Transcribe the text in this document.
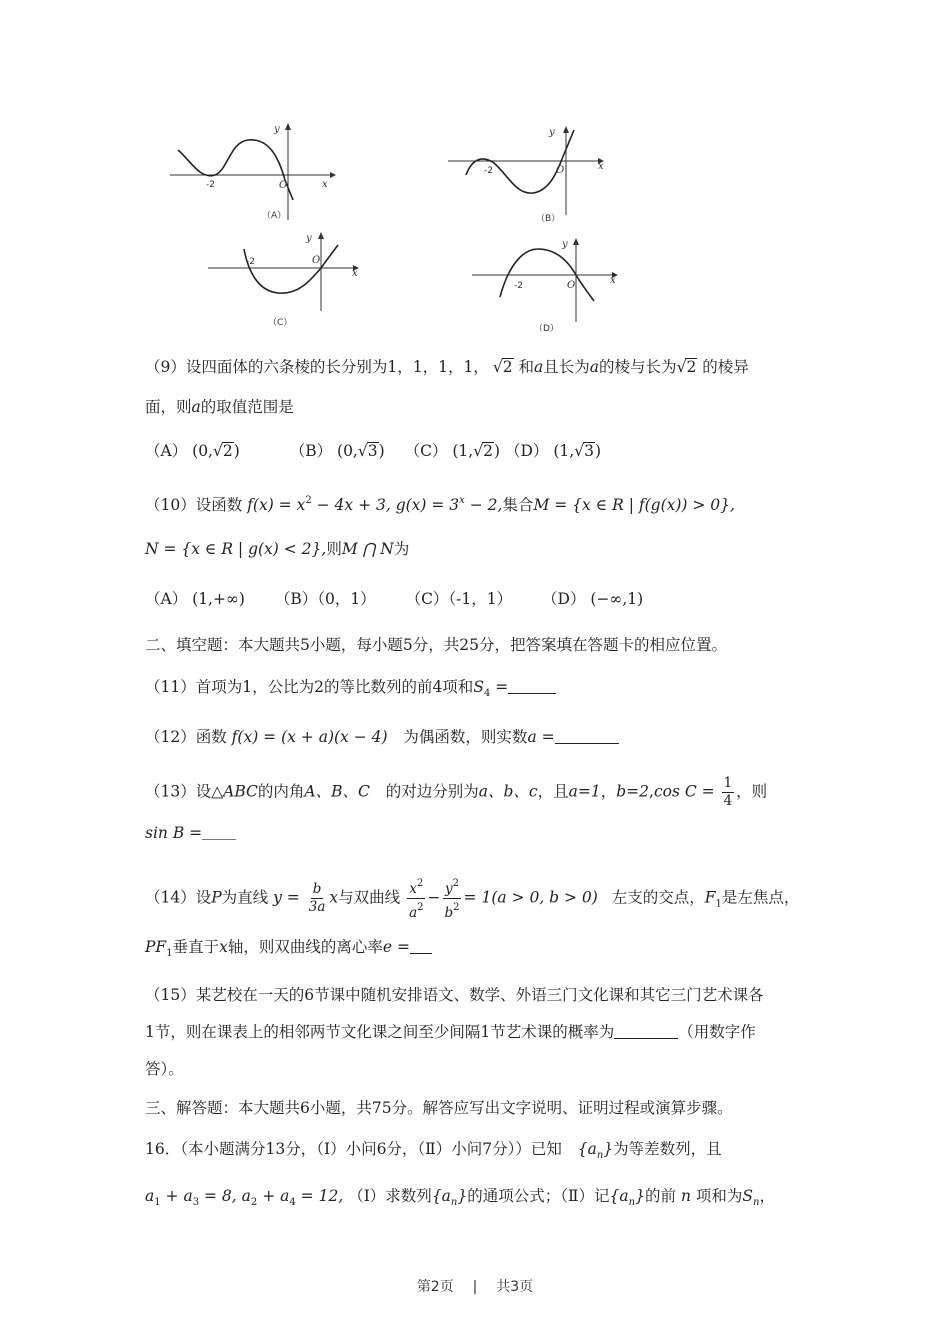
O	x
y
-2
（A）
O	x
y
-2
（B）
O
x
y
-2
（C）
O	x
y
-2
（D）
（9）设四面体的六条棱的长分别为1，1，1，1， √2 和a且长为a的棱与长为√2 的棱异
面，则a的取值范围是
（A） (0,√2)	（B） (0,√3) （C） (1,√2) （D） (1,√3)
（10）设函数 $f(x) = x^2 - 4x + 3$, $g(x) = 3^x - 2$,集合M = {x ∈ R | f(g(x)) > 0},
N = {x ∈ R | g(x) < 2},则M ⋂ N为
（A） (1,+∞) （B）（0，1） （C）（-1，1） （D） (−∞,1)
二、填空题：本大题共5小题，每小题5分，共25分，把答案填在答题卡的相应位置。
（11）首项为1，公比为2的等比数列的前4项和$S_4$ =
（12）函数 f(x) = (x + a)(x − 4) 为偶函数，则实数a =
（13）设△ABC的内角A、B、C 的对边分别为a、b、c，且a=1，b=2,cos $C = \frac{1}{4}$ ，则
sin B =
（14）设P为直线 $y = \frac{b}{3a}$ x与双曲线 $\frac{x^2}{a^2} - \frac{y^2}{b^2} = 1(a > 0$, b > 0) 左支的交点，$F_1$是左焦点，
$PF_1$垂直于x轴，则双曲线的离心率e =
（15）某艺校在一天的6节课中随机安排语文、数学、外语三门文化课和其它三门艺术课各
1节，则在课表上的相邻两节文化课之间至少间隔1节艺术课的概率为	（用数字作
答）。
三、解答题：本大题共6小题，共75分。解答应写出文字说明、证明过程或演算步骤。
16．（本小题满分13分，（Ⅰ）小问6分，（Ⅱ）小问7分））已知 $\{a_n\}$为等差数列，且
$a_1 + a_3 = 8$, $a_2 + a_4 = 12$, （Ⅰ）求数列$\{a_n\}$的通项公式；（Ⅱ）记$\{a_n\}$的前 n 项和为$S_n$，
第2页 | 共3页
